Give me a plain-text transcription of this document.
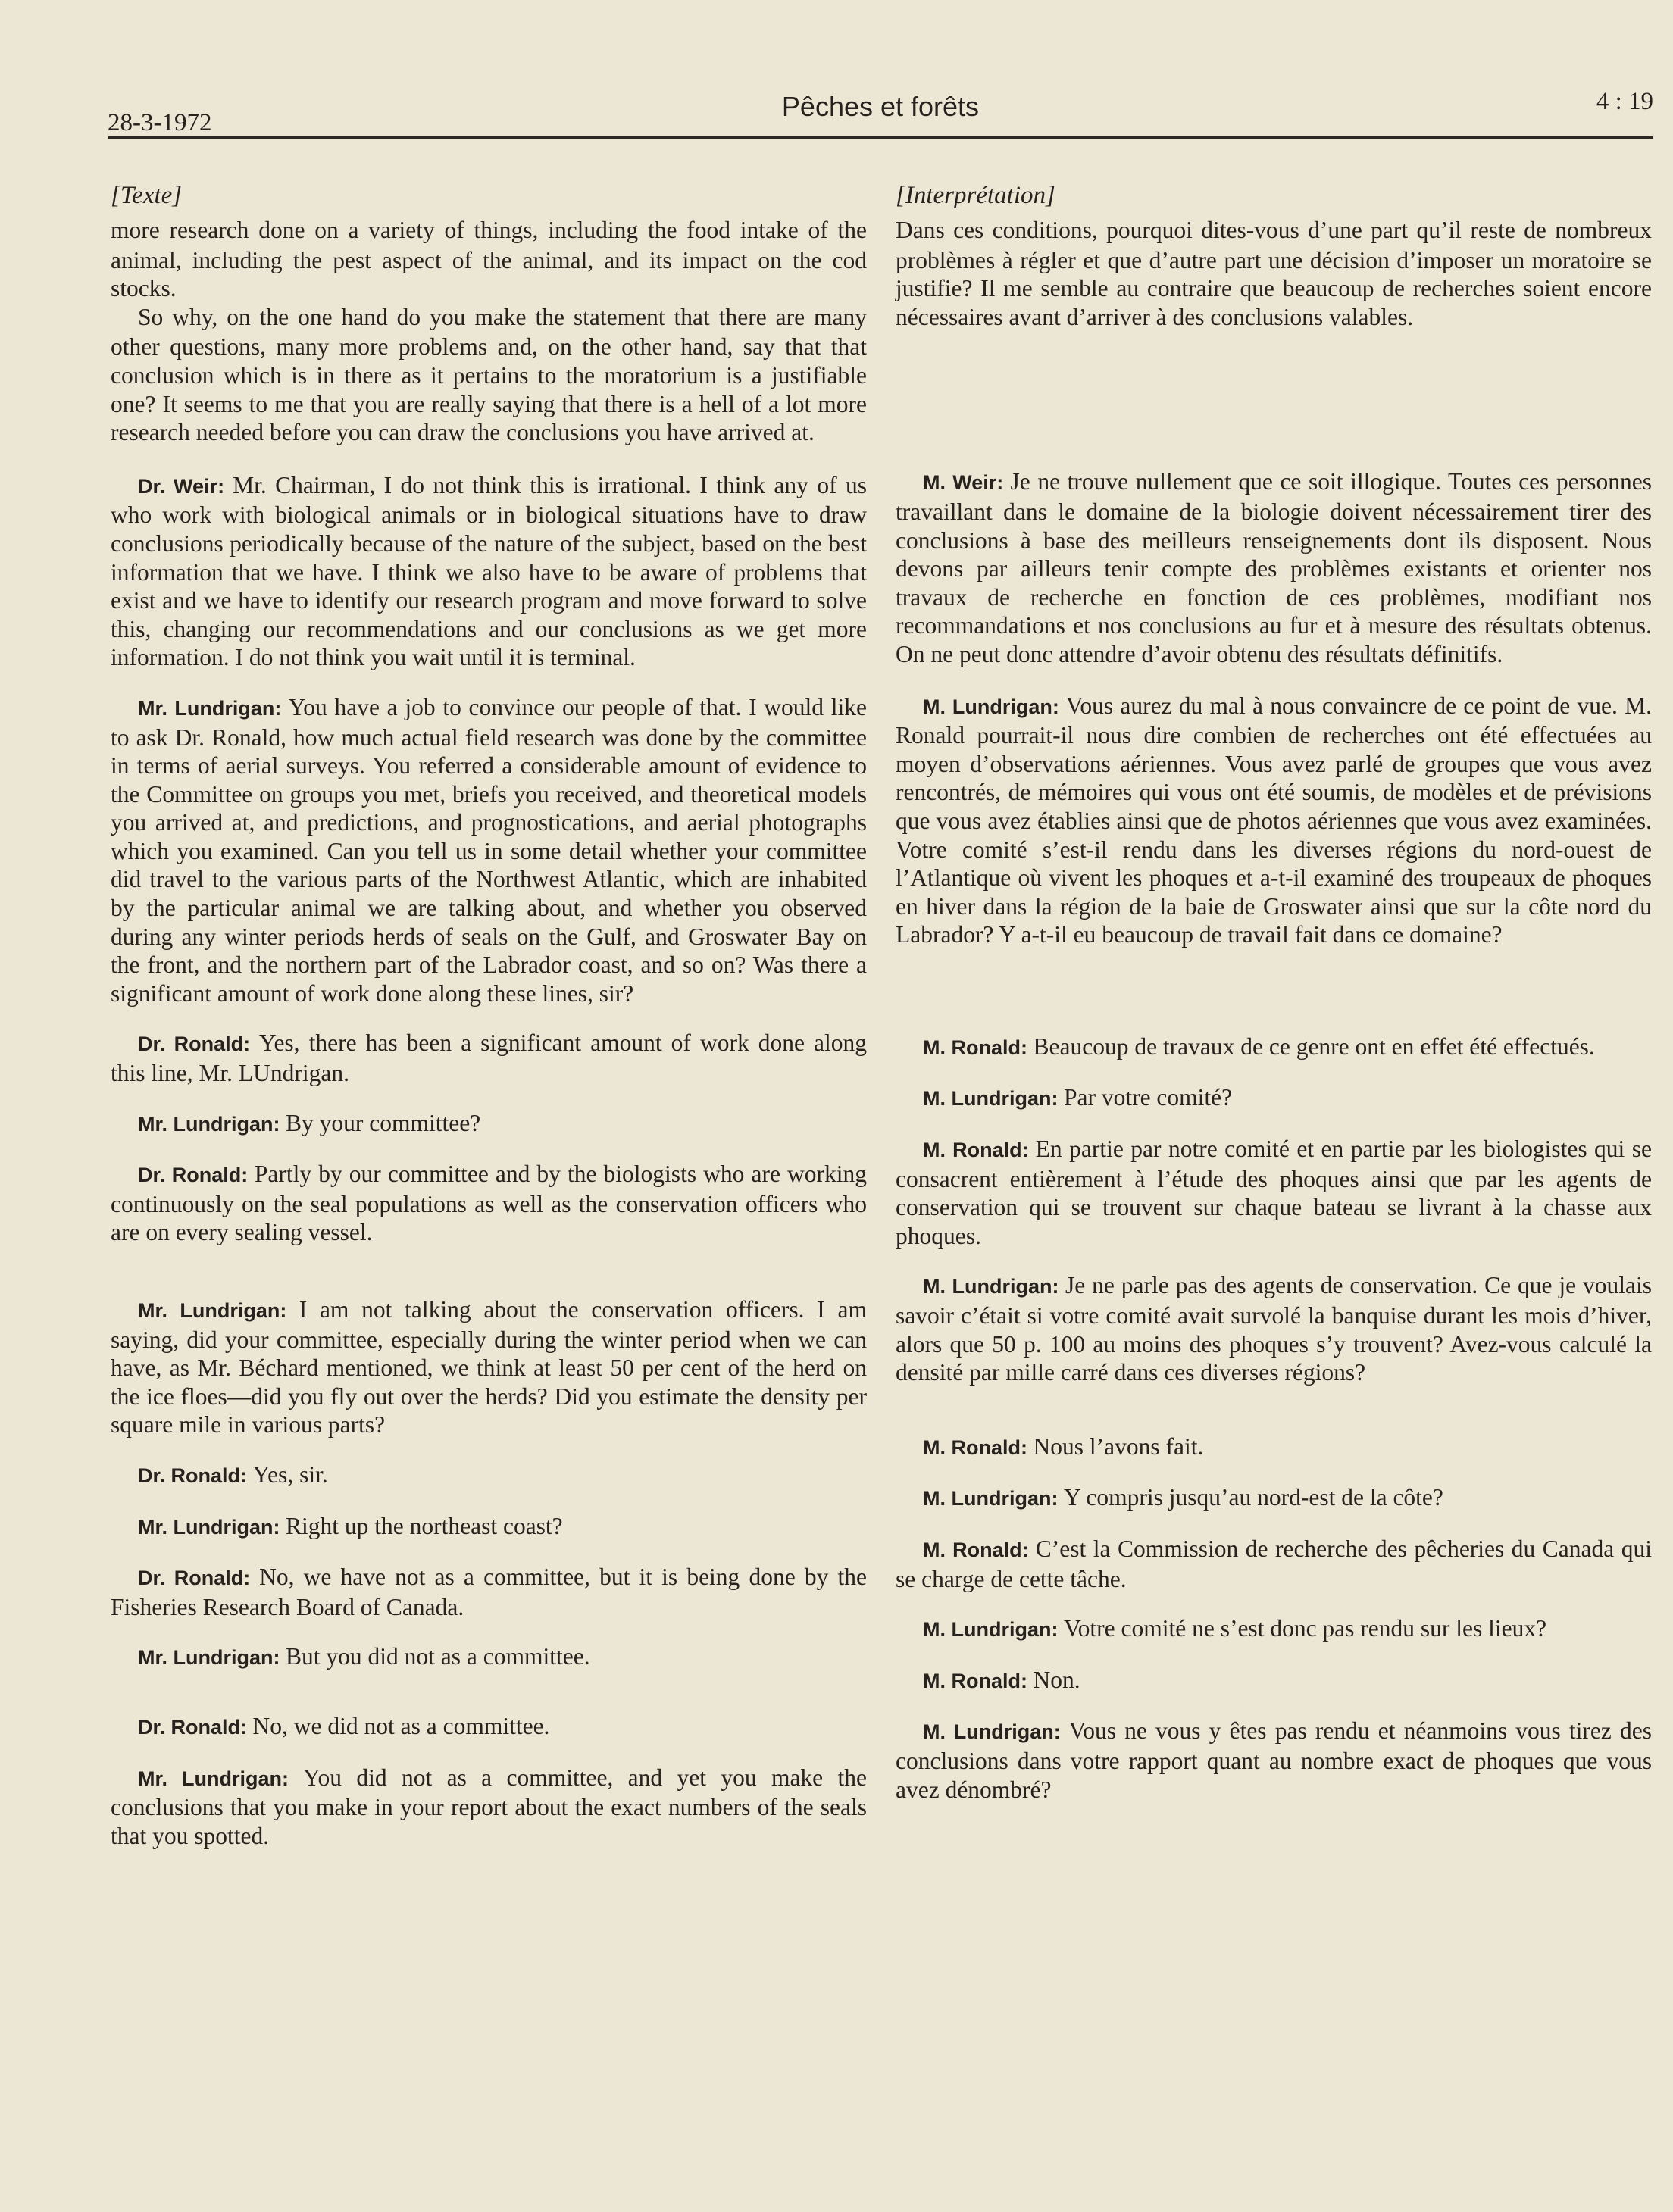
28-3-1972
Pêches et forêts	4 : 19
[Texte]

more research done on a variety of things, including the food intake of the animal, including the pest aspect of the animal, and its impact on the cod stocks.

So why, on the one hand do you make the statement that there are many other questions, many more problems and, on the other hand, say that that conclusion which is in there as it pertains to the moratorium is a justifiable one? It seems to me that you are really saying that there is a hell of a lot more research needed before you can draw the conclusions you have arrived at.

Dr. Weir: Mr. Chairman, I do not think this is irrational. I think any of us who work with biological animals or in biological situations have to draw conclusions periodically because of the nature of the subject, based on the best information that we have. I think we also have to be aware of problems that exist and we have to identify our research program and move forward to solve this, changing our recommendations and our conclusions as we get more information. I do not think you wait until it is terminal.

Mr. Lundrigan: You have a job to convince our people of that. I would like to ask Dr. Ronald, how much actual field research was done by the committee in terms of aerial surveys. You referred a considerable amount of evidence to the Committee on groups you met, briefs you received, and theoretical models you arrived at, and predictions, and prognostications, and aerial photographs which you examined. Can you tell us in some detail whether your committee did travel to the various parts of the Northwest Atlantic, which are inhabited by the particular animal we are talking about, and whether you observed during any winter periods herds of seals on the Gulf, and Groswater Bay on the front, and the northern part of the Labrador coast, and so on? Was there a significant amount of work done along these lines, sir?

Dr. Ronald: Yes, there has been a significant amount of work done along this line, Mr. LUndrigan.

Mr. Lundrigan: By your committee?

Dr. Ronald: Partly by our committee and by the biologists who are working continuously on the seal populations as well as the conservation officers who are on every sealing vessel.

Mr. Lundrigan: I am not talking about the conservation officers. I am saying, did your committee, especially during the winter period when we can have, as Mr. Béchard mentioned, we think at least 50 per cent of the herd on the ice floes—did you fly out over the herds? Did you estimate the density per square mile in various parts?

Dr. Ronald: Yes, sir.

Mr. Lundrigan: Right up the northeast coast?

Dr. Ronald: No, we have not as a committee, but it is being done by the Fisheries Research Board of Canada.

Mr. Lundrigan: But you did not as a committee.

Dr. Ronald: No, we did not as a committee.

Mr. Lundrigan: You did not as a committee, and yet you make the conclusions that you make in your report about the exact numbers of the seals that you spotted.

[Interprétation]

Dans ces conditions, pourquoi dites-vous d’une part qu’il reste de nombreux problèmes à régler et que d’autre part une décision d’imposer un moratoire se justifie? Il me semble au contraire que beaucoup de recherches soient encore nécessaires avant d’arriver à des conclusions valables.

M. Weir: Je ne trouve nullement que ce soit illogique. Toutes ces personnes travaillant dans le domaine de la biologie doivent nécessairement tirer des conclusions à base des meilleurs renseignements dont ils disposent. Nous devons par ailleurs tenir compte des problèmes existants et orienter nos travaux de recherche en fonction de ces problèmes, modifiant nos recommandations et nos conclusions au fur et à mesure des résultats obtenus. On ne peut donc attendre d’avoir obtenu des résultats définitifs.

M. Lundrigan: Vous aurez du mal à nous convaincre de ce point de vue. M. Ronald pourrait-il nous dire combien de recherches ont été effectuées au moyen d’observations aériennes. Vous avez parlé de groupes que vous avez rencontrés, de mémoires qui vous ont été soumis, de modèles et de prévisions que vous avez établies ainsi que de photos aériennes que vous avez examinées. Votre comité s’est-il rendu dans les diverses régions du nord-ouest de l’Atlantique où vivent les phoques et a-t-il examiné des troupeaux de phoques en hiver dans la région de la baie de Groswater ainsi que sur la côte nord du Labrador? Y a-t-il eu beaucoup de travail fait dans ce domaine?

M. Ronald: Beaucoup de travaux de ce genre ont en effet été effectués.

M. Lundrigan: Par votre comité?

M. Ronald: En partie par notre comité et en partie par les biologistes qui se consacrent entièrement à l’étude des phoques ainsi que par les agents de conservation qui se trouvent sur chaque bateau se livrant à la chasse aux phoques.

M. Lundrigan: Je ne parle pas des agents de conservation. Ce que je voulais savoir c’était si votre comité avait survolé la banquise durant les mois d’hiver, alors que 50 p. 100 au moins des phoques s’y trouvent? Avez-vous calculé la densité par mille carré dans ces diverses régions?

M. Ronald: Nous l’avons fait.

M. Lundrigan: Y compris jusqu’au nord-est de la côte?

M. Ronald: C’est la Commission de recherche des pêcheries du Canada qui se charge de cette tâche.

M. Lundrigan: Votre comité ne s’est donc pas rendu sur les lieux?

M. Ronald: Non.

M. Lundrigan: Vous ne vous y êtes pas rendu et néanmoins vous tirez des conclusions dans votre rapport quant au nombre exact de phoques que vous avez dénombré?
